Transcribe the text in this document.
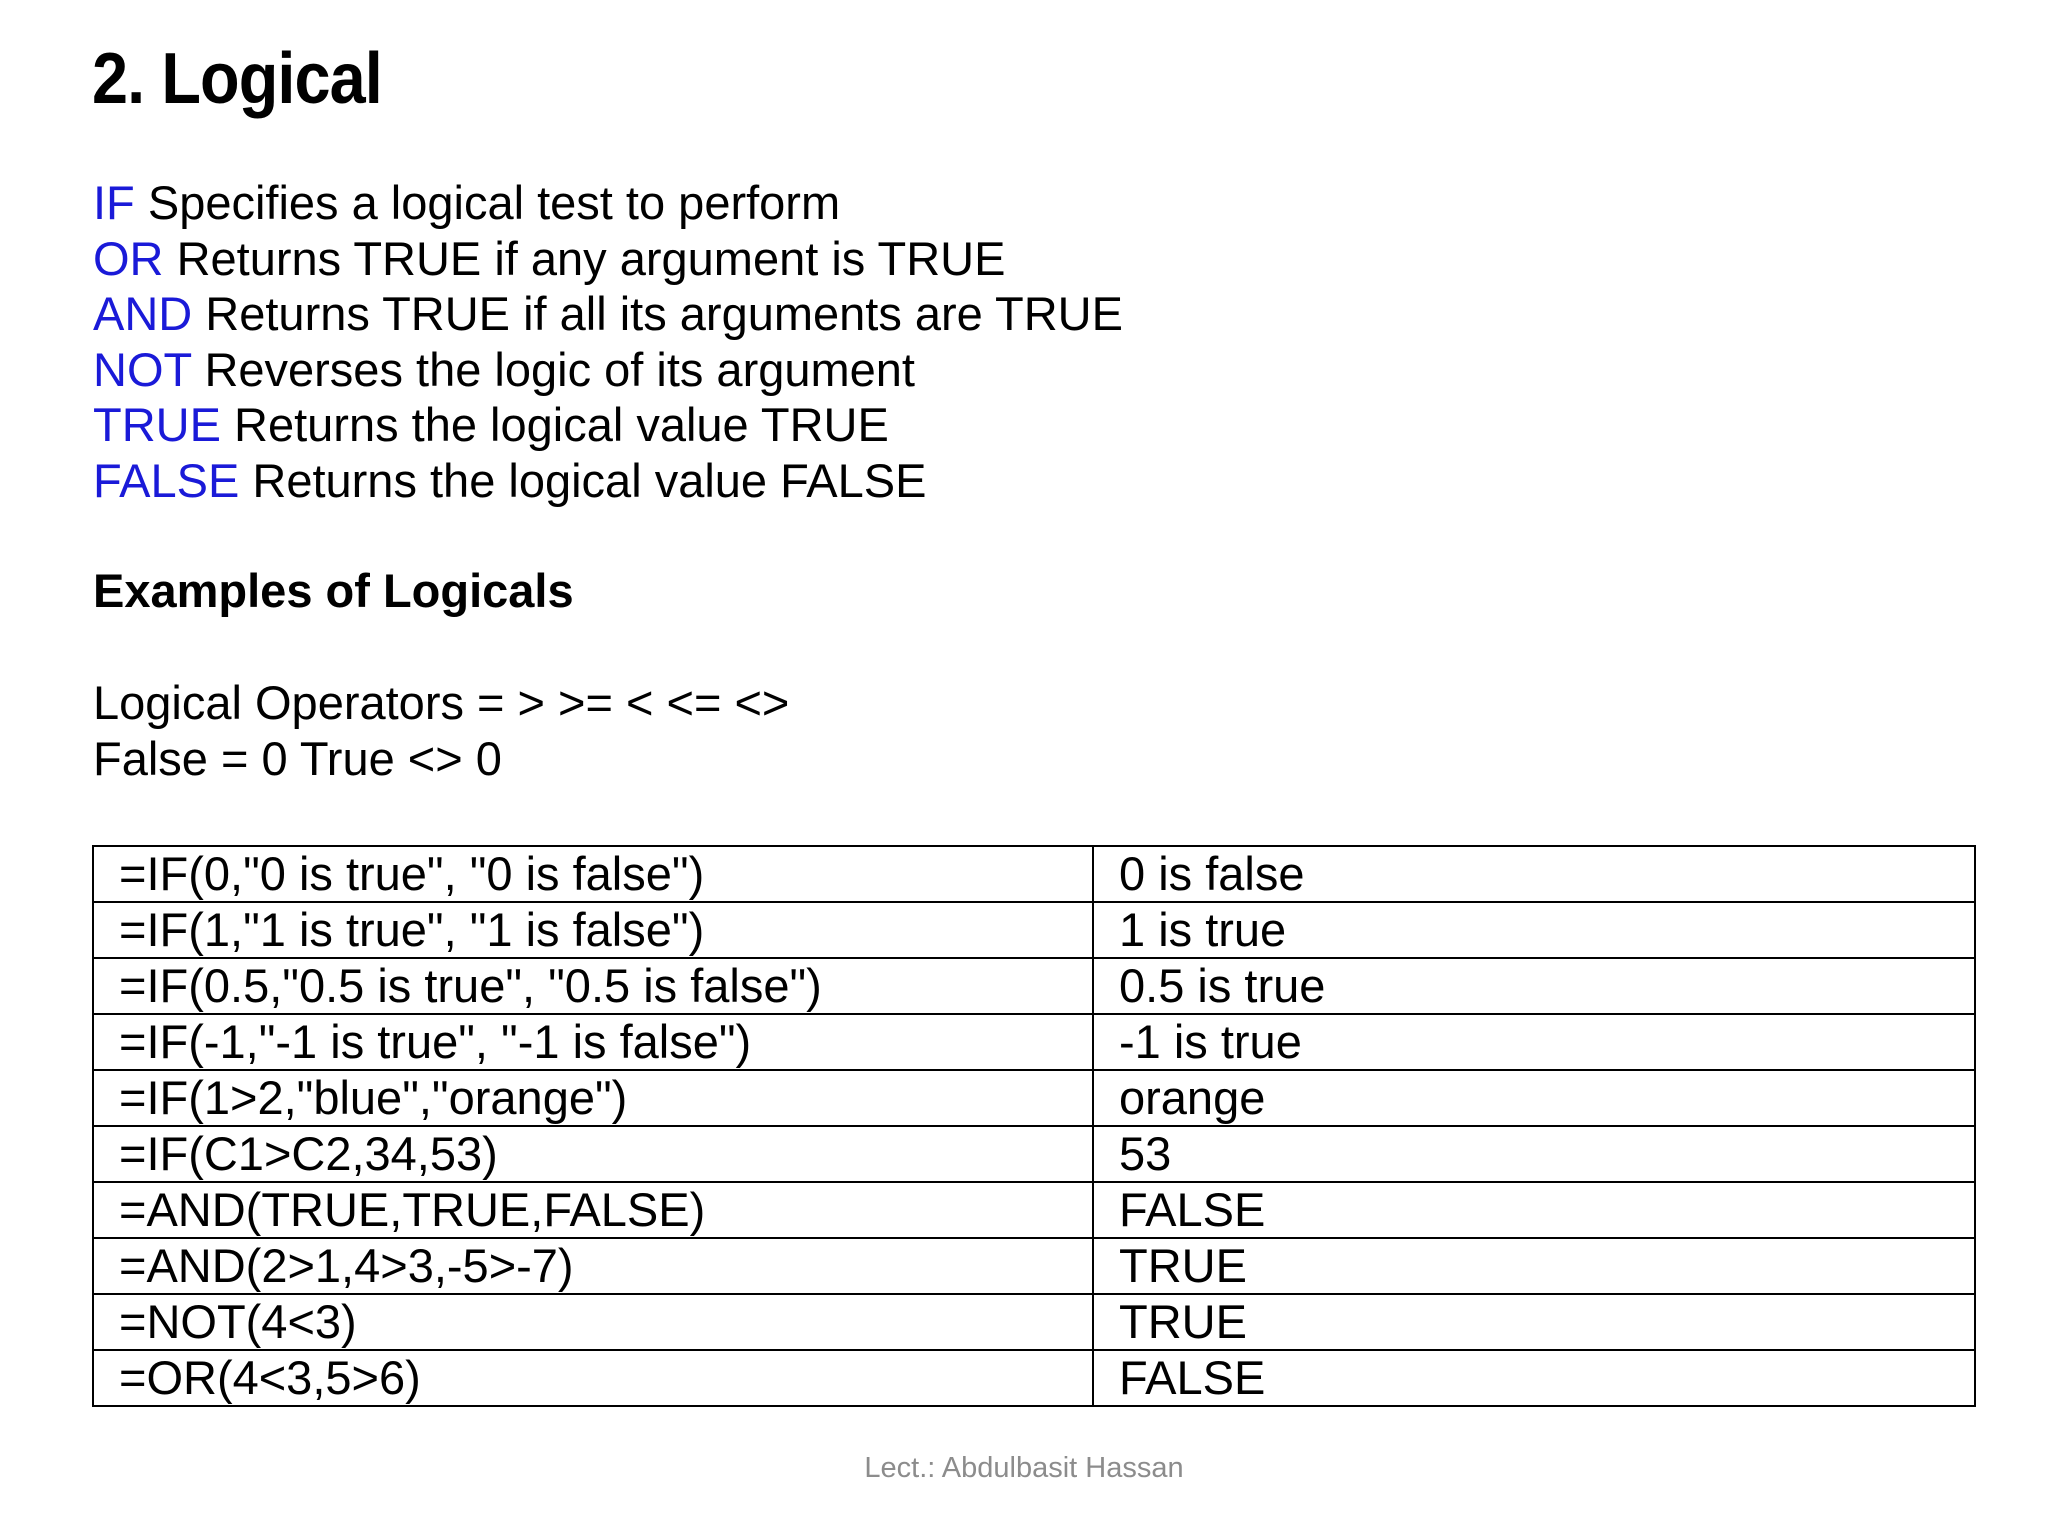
2. Logical
IF Specifies a logical test to perform
OR Returns TRUE if any argument is TRUE
AND Returns TRUE if all its arguments are TRUE
NOT Reverses the logic of its argument
TRUE Returns the logical value TRUE
FALSE Returns the logical value FALSE
Examples of Logicals
Logical Operators = > >= < <= <>
False = 0 True <> 0
=IF(0,"0 is true", "0 is false")	0 is false
=IF(1,"1 is true", "1 is false")	1 is true
=IF(0.5,"0.5 is true", "0.5 is false")	0.5 is true
=IF(-1,"-1 is true", "-1 is false")	-1 is true
=IF(1>2,"blue","orange")	orange
=IF(C1>C2,34,53)	53
=AND(TRUE,TRUE,FALSE)	FALSE
=AND(2>1,4>3,-5>-7)	TRUE
=NOT(4<3)	TRUE
=OR(4<3,5>6)	FALSE
Lect.: Abdulbasit Hassan
